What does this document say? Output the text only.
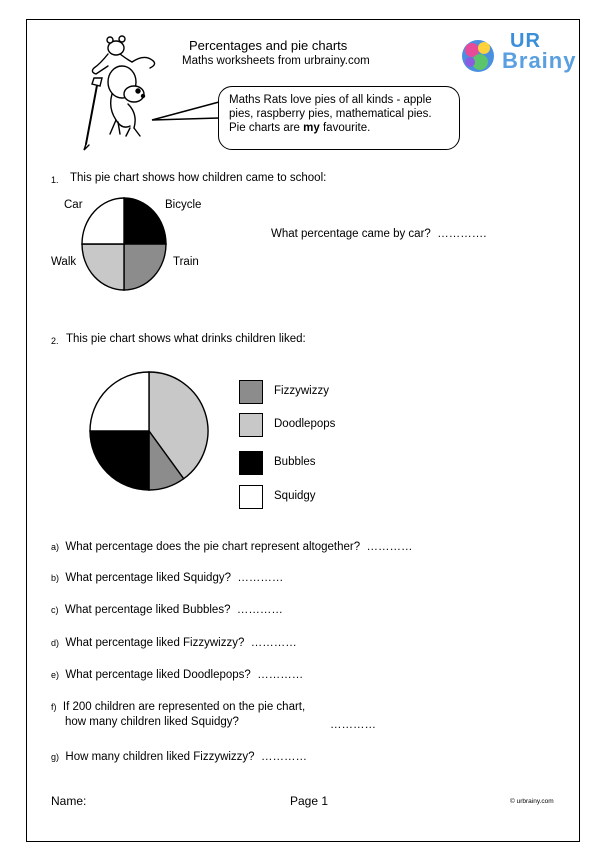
Percentages and pie charts
Maths worksheets from urbrainy.com
UR
Brainy
Maths Rats love pies of all kinds - apple pies, raspberry pies, mathematical pies. Pie charts are my favourite.
1. This pie chart shows how children came to school:
Car	Bicycle
Walk	Train
What percentage came by car? ………….
2. This pie chart shows what drinks children liked:
Fizzywizzy
Doodlepops
Bubbles
Squidgy
a) What percentage does the pie chart represent altogether? …………
b) What percentage liked Squidgy? …………
c) What percentage liked Bubbles? …………
d) What percentage liked Fizzywizzy? …………
e) What percentage liked Doodlepops? …………
f) If 200 children are represented on the pie chart,
how many children liked Squidgy?	…………
g) How many children liked Fizzywizzy? …………
Name:	Page 1	© urbrainy.com
